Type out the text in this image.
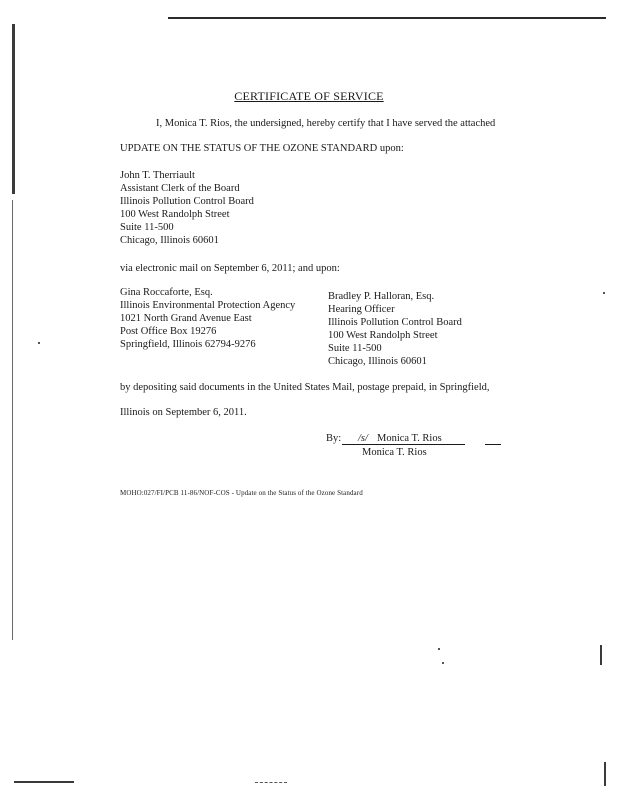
CERTIFICATE OF SERVICE
I, Monica T. Rios, the undersigned, hereby certify that I have served the attached
UPDATE ON THE STATUS OF THE OZONE STANDARD upon:
John T. Therriault
Assistant Clerk of the Board
Illinois Pollution Control Board
100 West Randolph Street
Suite 11-500
Chicago, Illinois 60601
via electronic mail on September 6, 2011; and upon:
Gina Roccaforte, Esq.
Illinois Environmental Protection Agency
1021 North Grand Avenue East
Post Office Box 19276
Springfield, Illinois 62794-9276
Bradley P. Halloran, Esq.
Hearing Officer
Illinois Pollution Control Board
100 West Randolph Street
Suite 11-500
Chicago, Illinois 60601
by depositing said documents in the United States Mail, postage prepaid, in Springfield,
Illinois on September 6, 2011.
By: /s/ Monica T. Rios
Monica T. Rios
MOHO:027/FI/PCB 11-86/NOF-COS - Update on the Status of the Ozone Standard
